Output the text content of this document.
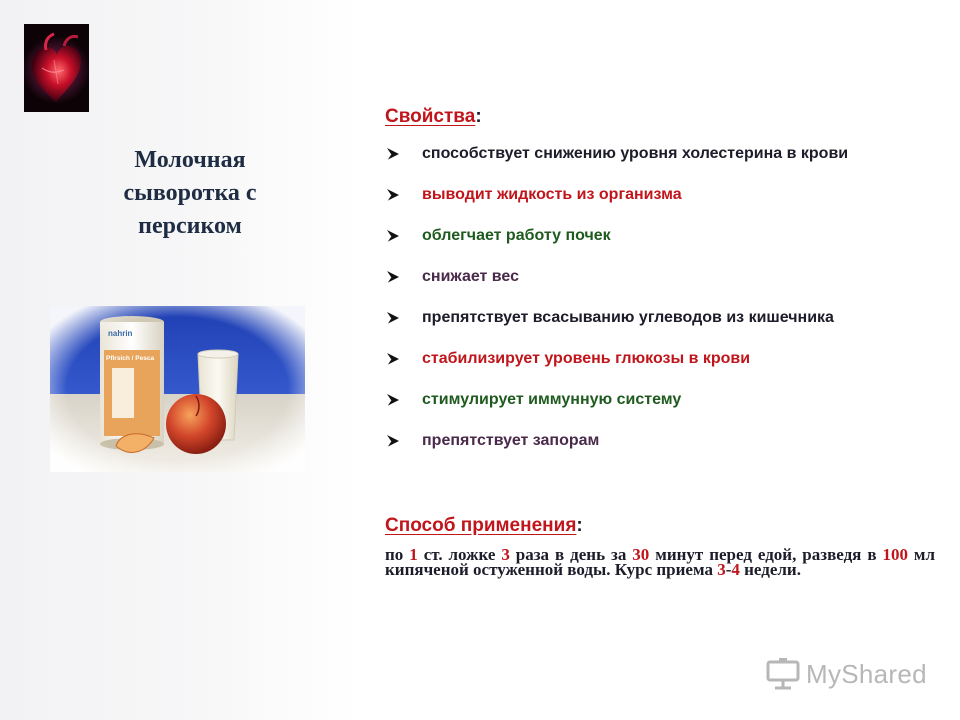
Молочная
сыворотка с
персиком
Свойства:
способствует снижению уровня холестерина в крови
выводит жидкость из организма
облегчает работу почек
снижает вес
препятствует всасыванию углеводов из кишечника
стабилизирует уровень глюкозы в крови
стимулирует иммунную систему
препятствует запорам
Способ применения:
по 1 ст. ложке 3 раза в день за 30 минут перед едой, разведя в 100 мл кипяченой остуженной воды. Курс приема 3-4 недели.
MyShared
